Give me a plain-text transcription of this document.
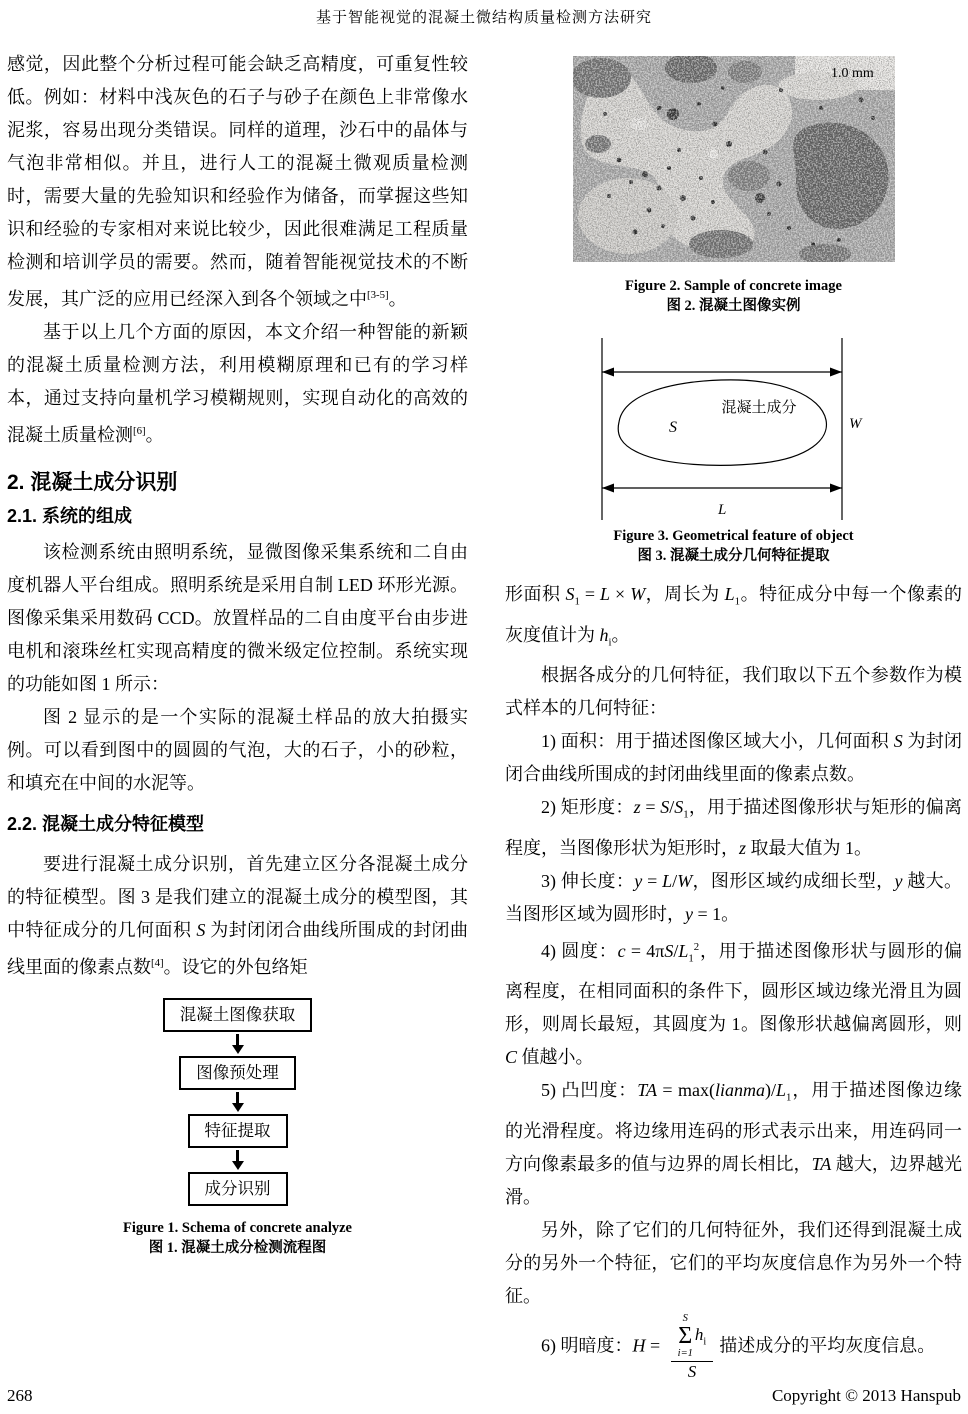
基于智能视觉的混凝土微结构质量检测方法研究

感觉，因此整个分析过程可能会缺乏高精度，可重复性较低。例如：材料中浅灰色的石子与砂子在颜色上非常像水泥浆，容易出现分类错误。同样的道理，沙石中的晶体与气泡非常相似。并且，进行人工的混凝土微观质量检测时，需要大量的先验知识和经验作为储备，而掌握这些知识和经验的专家相对来说比较少，因此很难满足工程质量检测和培训学员的需要。然而，随着智能视觉技术的不断发展，其广泛的应用已经深入到各个领域之中[3-5]。

基于以上几个方面的原因，本文介绍一种智能的新颖的混凝土质量检测方法，利用模糊原理和已有的学习样本，通过支持向量机学习模糊规则，实现自动化的高效的混凝土质量检测[6]。

2. 混凝土成分识别
2.1. 系统的组成

该检测系统由照明系统，显微图像采集系统和二自由度机器人平台组成。照明系统是采用自制 LED 环形光源。图像采集采用数码 CCD。放置样品的二自由度平台由步进电机和滚珠丝杠实现高精度的微米级定位控制。系统实现的功能如图 1 所示：

图 2 显示的是一个实际的混凝土样品的放大拍摄实例。可以看到图中的圆圆的气泡，大的石子，小的砂粒，和填充在中间的水泥等。

2.2. 混凝土成分特征模型

要进行混凝土成分识别，首先建立区分各混凝土成分的特征模型。图 3 是我们建立的混凝土成分的模型图，其中特征成分的几何面积 S 为封闭闭合曲线所围成的封闭曲线里面的像素点数[4]。设它的外包络矩

混凝土图像获取
图像预处理
特征提取
成分识别
Figure 1. Schema of concrete analyze
图 1. 混凝土成分检测流程图
1.0 mm
Figure 2. Sample of concrete image
图 2. 混凝土图像实例
混凝土成分
S	W
L
Figure 3. Geometrical feature of object
图 3. 混凝土成分几何特征提取

形面积 $S_1 = L \times W$，周长为 $L_1$。特征成分中每一个像素的灰度值计为 $h_i$。

根据各成分的几何特征，我们取以下五个参数作为模式样本的几何特征：

1) 面积：用于描述图像区域大小，几何面积 S 为封闭闭合曲线所围成的封闭曲线里面的像素点数。

2) 矩形度：$z = S/S_1$，用于描述图像形状与矩形的偏离程度，当图像形状为矩形时，z 取最大值为 1。

3) 伸长度：y = L/W，图形区域约成细长型，y 越大。当图形区域为圆形时，y = 1。

4) 圆度：$c = 4\pi S/L_1^2$，用于描述图像形状与圆形的偏离程度，在相同面积的条件下，圆形区域边缘光滑且为圆形，则周长最短，其圆度为 1。图像形状越偏离圆形，则 C 值越小。

5) 凸凹度：TA = $\max(lianma)/L_1$，用于描述图像边缘的光滑程度。将边缘用连码的形式表示出来，用连码同一方向像素最多的值与边界的周长相比，TA 越大，边界越光滑。

另外，除了它们的几何特征外，我们还得到混凝土成分的另外一个特征，它们的平均灰度信息作为另外一个特征。

6) 明暗度：H = S
Σ
i=1
$h_i$
S 描述成分的平均灰度信息。

268	Copyright © 2013 Hanspub
